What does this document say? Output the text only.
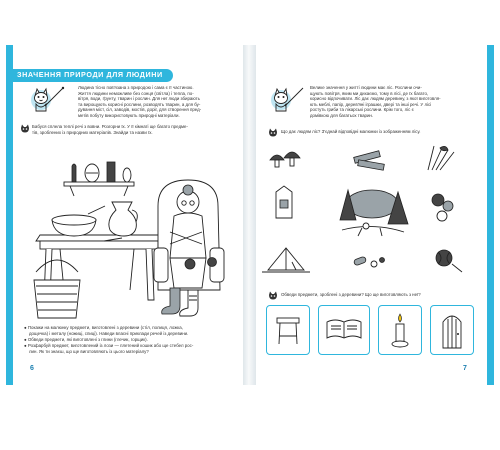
ЗНАЧЕННЯ ПРИРОДИ ДЛЯ ЛЮДИНИ
Людина тісно пов'язана з природою і сама є її частиною.
Життя людини неможливе без сонця (світла) і тепла, по-
вітря, води, ґрунту, тварин і рослин. Для неї люди збирають
та вирощують корисні рослини, розводять тварин, а для бу-
дування міст, сіл, заводів, мостів, доріг, для створення пред-
метів побуту використовують природні матеріали.
Бабуся сплела теплі речі з вовни. Розгорни їх. У її кімнаті ще багато предме-
тів, зроблених із природних матеріалів. Знайди та назви їх.
● Покажи на малюнку предмети, виготовлені з деревини (стіл, полиця, ложка,
дощечка) і металу (ножиці, спиці). Наведи власні приклади речей із деревини.
● Обведи предмети, які виготовлені з глини (глечик, горщик).
● Розфарбуй предмет, виготовлений із лози — плетений кошик або ще стебел рос-
лин. Як ти знаєш, що ще виготовляють із цього матеріалу?
6
Велике значення у житті людини має ліс. Рослини очи-
щують повітря, яким ми дихаємо, тому в лісі, де їх багато,
корисно відпочивати. Ліс дає людям деревину, з якої виготовля-
ють меблі, папір, дерев'яні іграшки, двері та інші речі. У лісі
ростуть гриби та лікарські рослини. Крім того, ліс є
домівкою для багатьох тварин.
Що дає людям ліс? З'єднай відповідні малюнки із зображенням лісу.
Обведи предмети, зроблені з деревини? Що ще виготовляють з неї?
7
